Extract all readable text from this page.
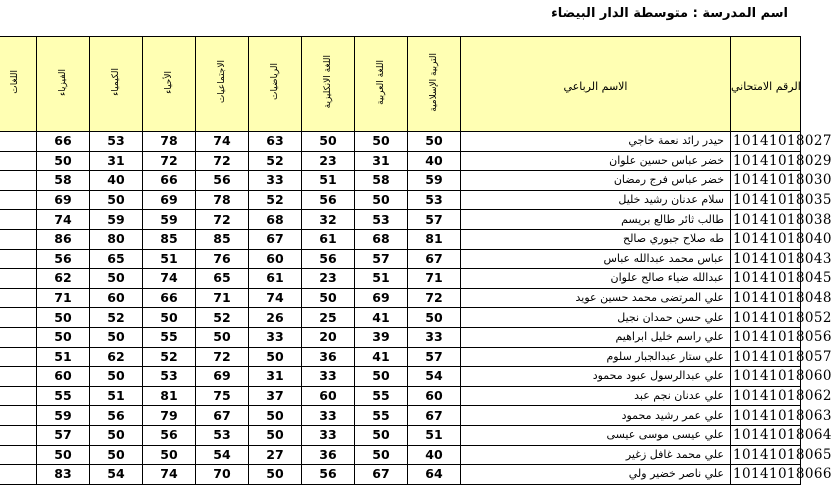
اسم المدرسة : متوسطة الدار البيضاء
اللغات	الفيزياء	الكيمياء	الأحياء	الاجتماعيات	الرياضيات	اللغة الانكليزية	اللغة العربية	التربية الإسلامية	الاسم الرباعي	الرقم الامتحاني
	66	53	78	74	63	50	50	50	حيدر رائد نعمة خاجي	10141018027
	50	31	72	72	52	23	31	40	خضر عباس حسين علوان	10141018029
	58	40	66	56	33	51	58	59	خضر عباس فرج رمضان	10141018030
	69	50	69	78	52	56	50	53	سلام عدنان رشيد خليل	10141018035
	74	59	59	72	68	32	53	57	طالب ثائر طالع بريسم	10141018038
	86	80	85	85	67	61	68	81	طه صلاح جبوري صالح	10141018040
	56	65	51	76	60	56	57	67	عباس محمد عبدالله عباس	10141018043
	62	50	74	65	61	23	51	71	عبدالله ضياء صالح علوان	10141018045
	71	60	66	71	74	50	69	72	علي المرتضى محمد حسين عويد	10141018048
	50	52	50	52	26	25	41	50	علي حسن حمدان نجيل	10141018052
	50	50	55	50	33	20	39	33	علي راسم خليل ابراهيم	10141018056
	51	62	52	72	50	36	41	57	علي ستار عبدالجبار سلوم	10141018057
	60	50	53	69	31	33	50	54	علي عبدالرسول عبود محمود	10141018060
	55	51	81	75	37	60	55	60	علي عدنان نجم عبد	10141018062
	59	56	79	67	50	33	55	67	علي عمر رشيد محمود	10141018063
	57	50	56	53	50	33	50	51	علي عيسى موسى عيسى	10141018064
	50	50	50	54	27	36	50	40	علي محمد غافل زغير	10141018065
	83	54	74	70	50	56	67	64	علي ناصر خضير ولي	10141018066
